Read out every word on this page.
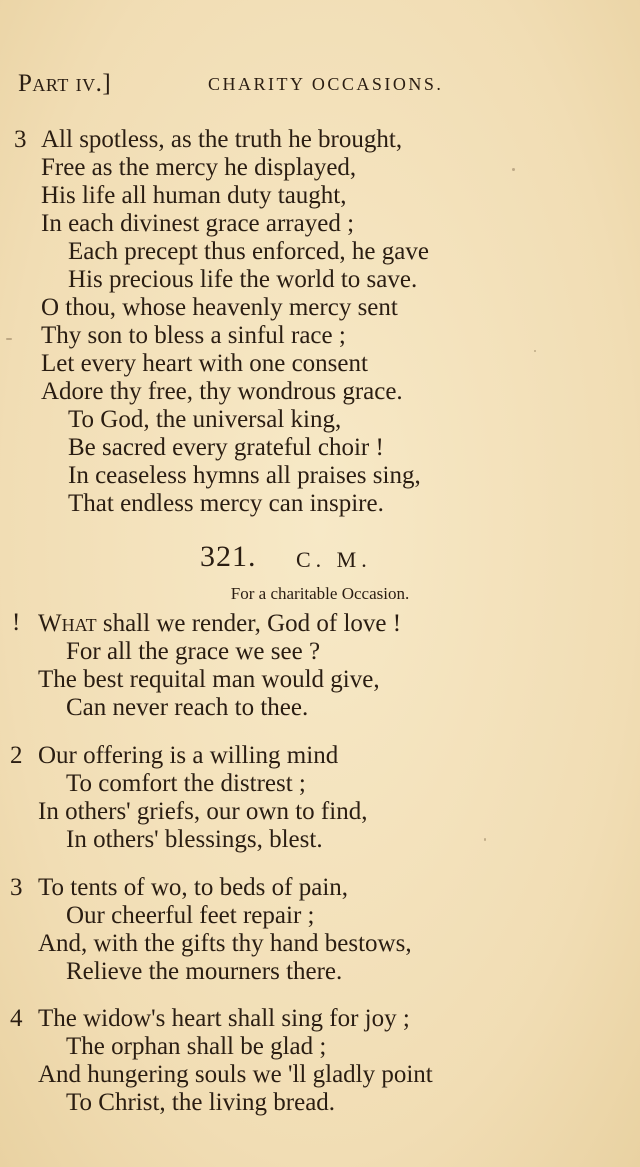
Part iv.]	CHARITY OCCASIONS.
3 All spotless, as the truth he brought,
Free as the mercy he displayed,
His life all human duty taught,
In each divinest grace arrayed ;
Each precept thus enforced, he gave
His precious life the world to save.
O thou, whose heavenly mercy sent
Thy son to bless a sinful race ;
Let every heart with one consent
Adore thy free, thy wondrous grace.
To God, the universal king,
Be sacred every grateful choir !
In ceaseless hymns all praises sing,
That endless mercy can inspire.
321. C. M.
For a charitable Occasion.
! What shall we render, God of love !
For all the grace we see ?
The best requital man would give,
Can never reach to thee.
2 Our offering is a willing mind
To comfort the distrest ;
In others' griefs, our own to find,
In others' blessings, blest.
3 To tents of wo, to beds of pain,
Our cheerful feet repair ;
And, with the gifts thy hand bestows,
Relieve the mourners there.
4 The widow's heart shall sing for joy ;
The orphan shall be glad ;
And hungering souls we 'll gladly point
To Christ, the living bread.
